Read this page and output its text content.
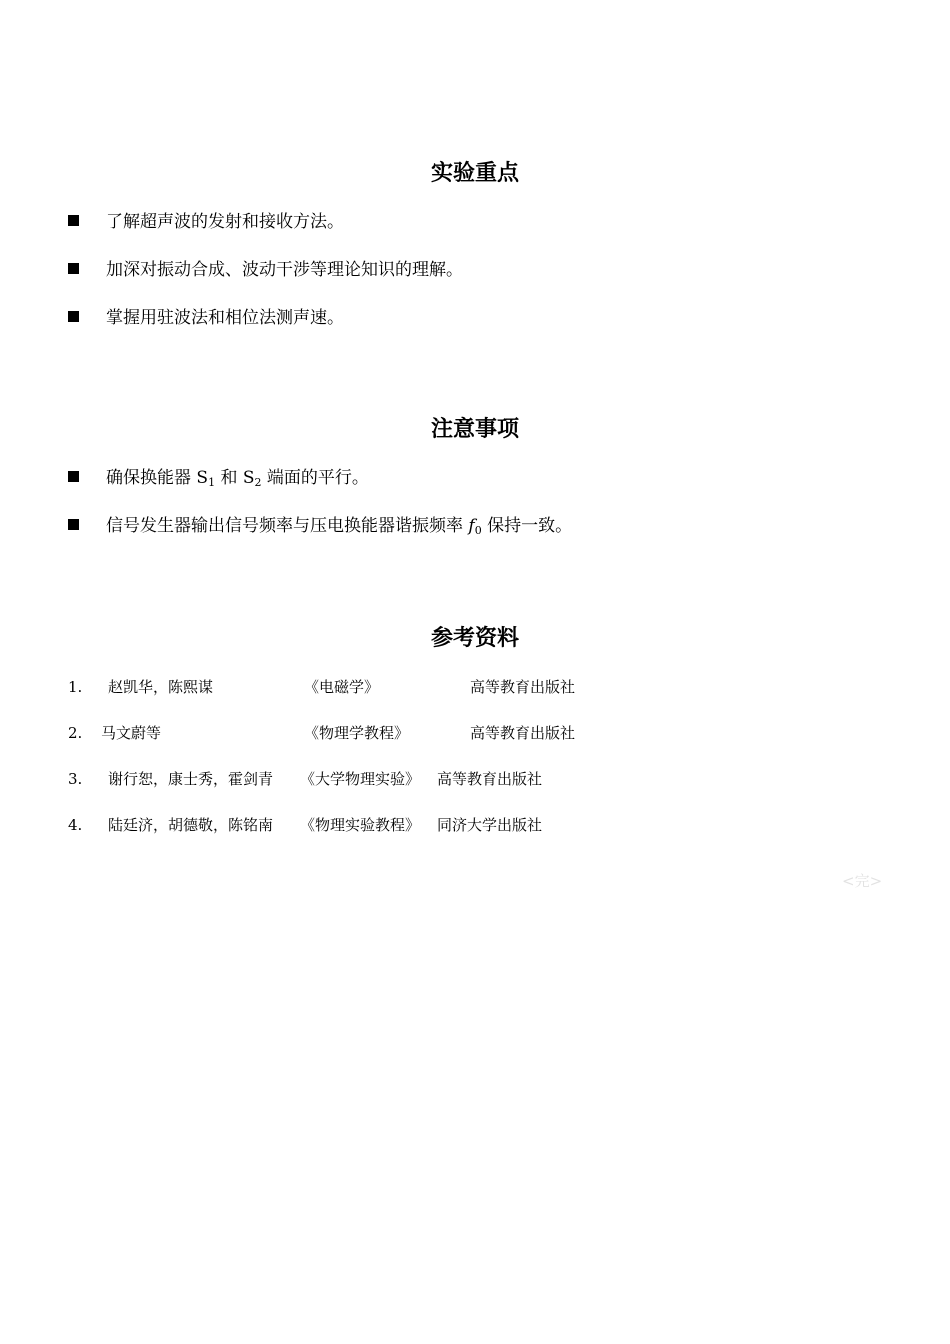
实验重点
了解超声波的发射和接收方法。
加深对振动合成、波动干涉等理论知识的理解。
掌握用驻波法和相位法测声速。
注意事项
确保换能器 $S_1$ 和 $S_2$ 端面的平行。
信号发生器输出信号频率与压电换能器谐振频率 $f_0$ 保持一致。
参考资料
1. 赵凯华，陈熙谋	《电磁学》	高等教育出版社
2. 马文蔚等	《物理学教程》	高等教育出版社
3. 谢行恕，康士秀，霍剑青 《大学物理实验》 高等教育出版社
4. 陆廷济，胡德敬，陈铭南 《物理实验教程》 同济大学出版社
<完>
